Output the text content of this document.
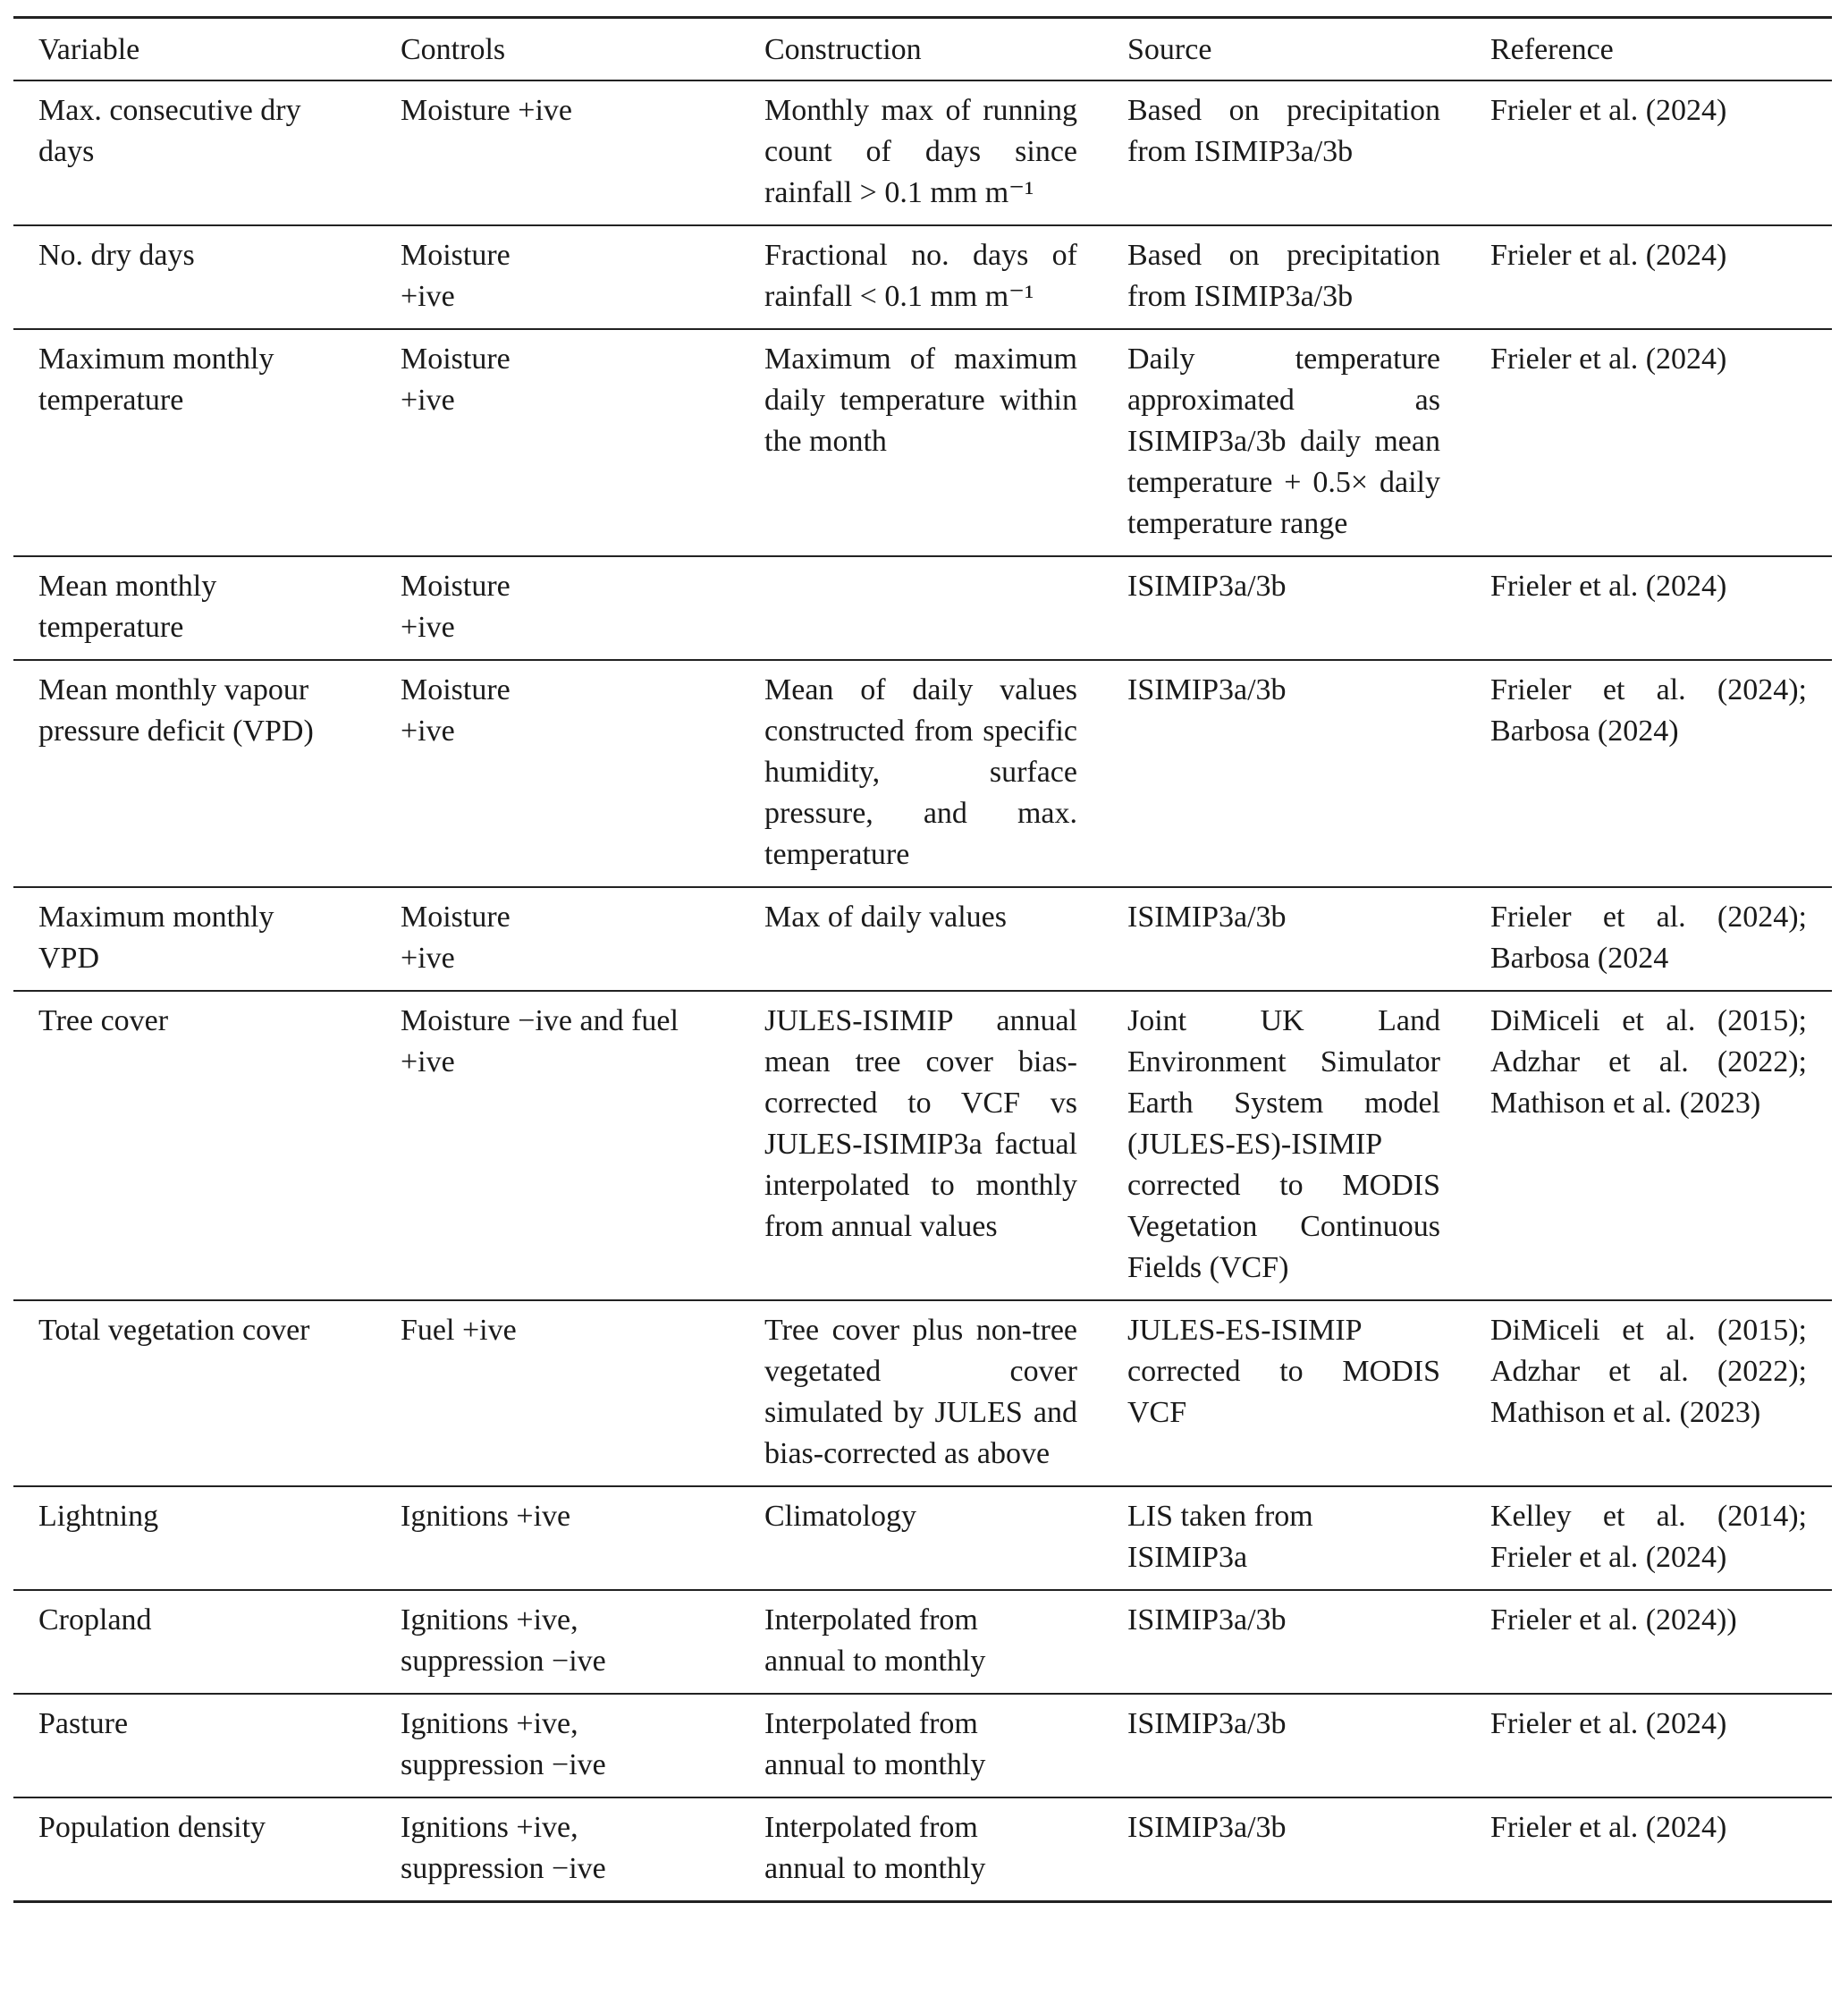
Variable	Controls	Construction	Source	Reference
Max. consecutive dry days	Moisture +ive	Monthly max of running count of days since rainfall > 0.1 mm m⁻¹	Based on precipitation from ISIMIP3a/3b	Frieler et al. (2024)
No. dry days	Moisture +ive	Fractional no. days of rainfall < 0.1 mm m⁻¹	Based on precipitation from ISIMIP3a/3b	Frieler et al. (2024)
Maximum monthly temperature	Moisture +ive	Maximum of maximum daily temperature within the month	Daily temperature approximated as ISIMIP3a/3b daily mean temperature + 0.5× daily temperature range	Frieler et al. (2024)
Mean monthly temperature	Moisture +ive		ISIMIP3a/3b	Frieler et al. (2024)
Mean monthly vapour pressure deficit (VPD)	Moisture +ive	Mean of daily values constructed from specific humidity, surface pressure, and max. temperature	ISIMIP3a/3b	Frieler et al. (2024); Barbosa (2024)
Maximum monthly VPD	Moisture +ive	Max of daily values	ISIMIP3a/3b	Frieler et al. (2024); Barbosa (2024
Tree cover	Moisture −ive and fuel +ive	JULES-ISIMIP annual mean tree cover bias-corrected to VCF vs JULES-ISIMIP3a factual interpolated to monthly from annual values	Joint UK Land Environment Simulator Earth System model (JULES-ES)-ISIMIP corrected to MODIS Vegetation Continuous Fields (VCF)	DiMiceli et al. (2015); Adzhar et al. (2022); Mathison et al. (2023)
Total vegetation cover	Fuel +ive	Tree cover plus non-tree vegetated cover simulated by JULES and bias-corrected as above	JULES-ES-ISIMIP corrected to MODIS VCF	DiMiceli et al. (2015); Adzhar et al. (2022); Mathison et al. (2023)
Lightning	Ignitions +ive	Climatology	LIS taken from ISIMIP3a	Kelley et al. (2014); Frieler et al. (2024)
Cropland	Ignitions +ive, suppression −ive	Interpolated from annual to monthly	ISIMIP3a/3b	Frieler et al. (2024))
Pasture	Ignitions +ive, suppression −ive	Interpolated from annual to monthly	ISIMIP3a/3b	Frieler et al. (2024)
Population density	Ignitions +ive, suppression −ive	Interpolated from annual to monthly	ISIMIP3a/3b	Frieler et al. (2024)
